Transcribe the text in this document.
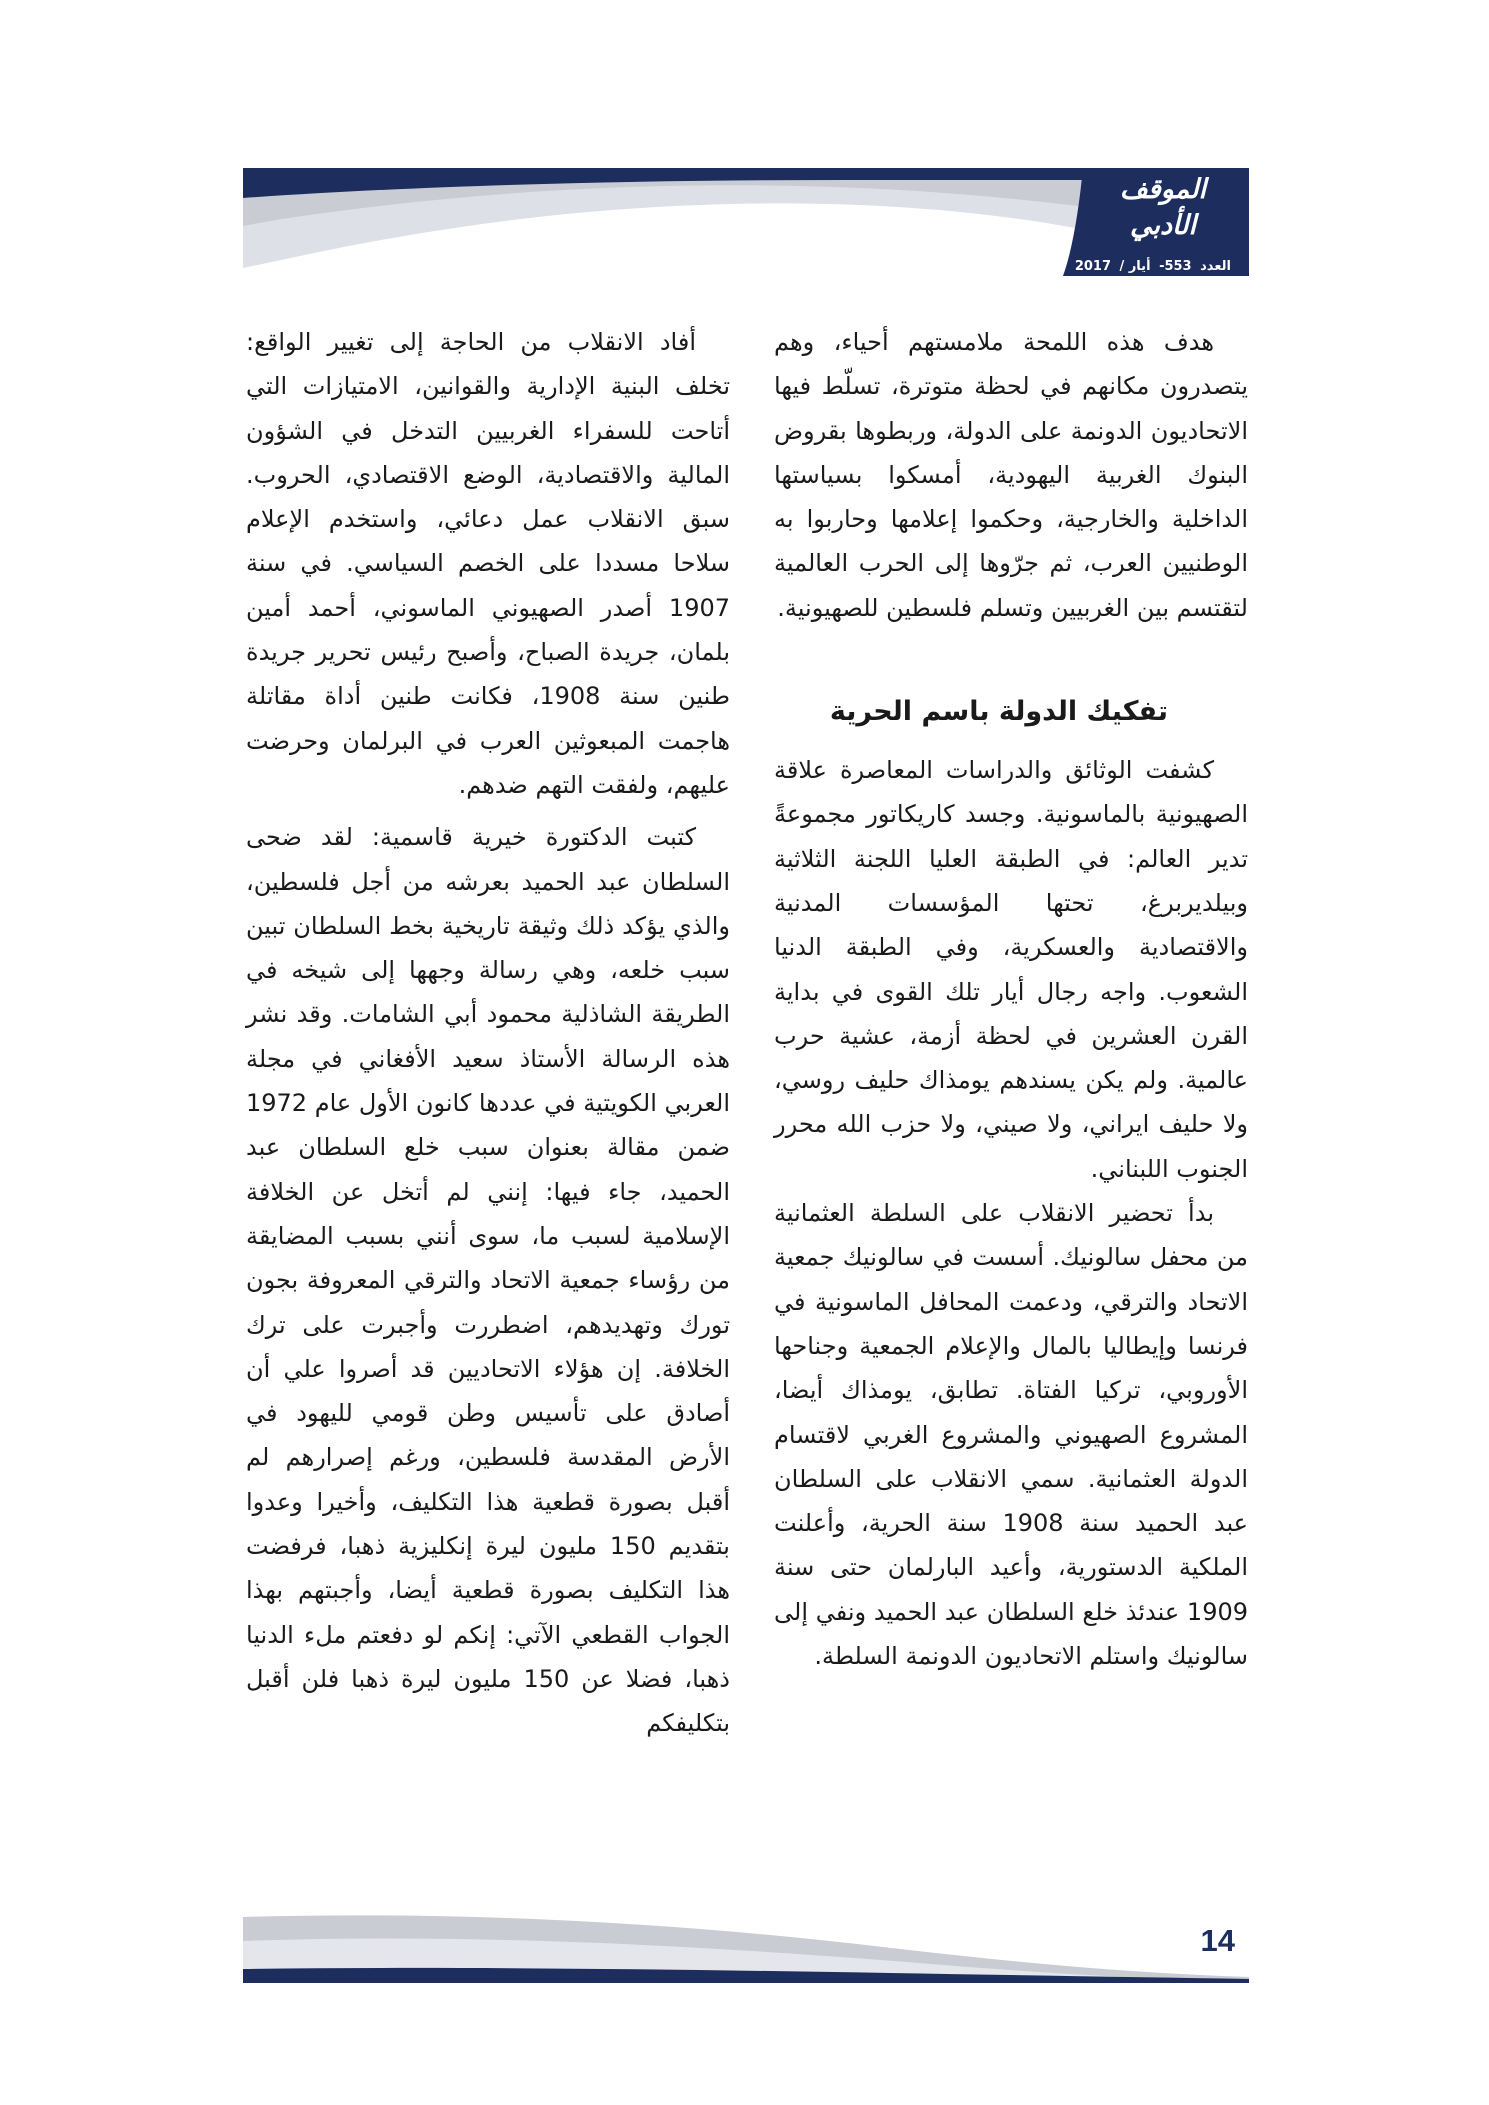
الموقف الأدبي
العدد 553- أيار / 2017

هدف هذه اللمحة ملامستهم أحياء، وهم يتصدرون مكانهم في لحظة متوترة، تسلّط فيها الاتحاديون الدونمة على الدولة، وربطوها بقروض البنوك الغربية اليهودية، أمسكوا بسياستها الداخلية والخارجية، وحكموا إعلامها وحاربوا به الوطنيين العرب، ثم جرّوها إلى الحرب العالمية لتقتسم بين الغربيين وتسلم فلسطين للصهيونية.

تفكيك الدولة باسم الحرية

كشفت الوثائق والدراسات المعاصرة علاقة الصهيونية بالماسونية. وجسد كاريكاتور مجموعةً تدير العالم: في الطبقة العليا اللجنة الثلاثية وبيلديربرغ، تحتها المؤسسات المدنية والاقتصادية والعسكرية، وفي الطبقة الدنيا الشعوب. واجه رجال أيار تلك القوى في بداية القرن العشرين في لحظة أزمة، عشية حرب عالمية. ولم يكن يسندهم يومذاك حليف روسي، ولا حليف ايراني، ولا صيني، ولا حزب الله محرر الجنوب اللبناني.

بدأ تحضير الانقلاب على السلطة العثمانية من محفل سالونيك. أسست في سالونيك جمعية الاتحاد والترقي، ودعمت المحافل الماسونية في فرنسا وإيطاليا بالمال والإعلام الجمعية وجناحها الأوروبي، تركيا الفتاة. تطابق، يومذاك أيضا، المشروع الصهيوني والمشروع الغربي لاقتسام الدولة العثمانية. سمي الانقلاب على السلطان عبد الحميد سنة 1908 سنة الحرية، وأعلنت الملكية الدستورية، وأعيد البارلمان حتى سنة 1909 عندئذ خلع السلطان عبد الحميد ونفي إلى سالونيك واستلم الاتحاديون الدونمة السلطة.

أفاد الانقلاب من الحاجة إلى تغيير الواقع: تخلف البنية الإدارية والقوانين، الامتيازات التي أتاحت للسفراء الغربيين التدخل في الشؤون المالية والاقتصادية، الوضع الاقتصادي، الحروب. سبق الانقلاب عمل دعائي، واستخدم الإعلام سلاحا مسددا على الخصم السياسي. في سنة 1907 أصدر الصهيوني الماسوني، أحمد أمين بلمان، جريدة الصباح، وأصبح رئيس تحرير جريدة طنين سنة 1908، فكانت طنين أداة مقاتلة هاجمت المبعوثين العرب في البرلمان وحرضت عليهم، ولفقت التهم ضدهم.

كتبت الدكتورة خيرية قاسمية: لقد ضحى السلطان عبد الحميد بعرشه من أجل فلسطين، والذي يؤكد ذلك وثيقة تاريخية بخط السلطان تبين سبب خلعه، وهي رسالة وجهها إلى شيخه في الطريقة الشاذلية محمود أبي الشامات. وقد نشر هذه الرسالة الأستاذ سعيد الأفغاني في مجلة العربي الكويتية في عددها كانون الأول عام 1972 ضمن مقالة بعنوان سبب خلع السلطان عبد الحميد، جاء فيها: إنني لم أتخل عن الخلافة الإسلامية لسبب ما، سوى أنني بسبب المضايقة من رؤساء جمعية الاتحاد والترقي المعروفة بجون تورك وتهديدهم، اضطررت وأجبرت على ترك الخلافة. إن هؤلاء الاتحاديين قد أصروا علي أن أصادق على تأسيس وطن قومي لليهود في الأرض المقدسة فلسطين، ورغم إصرارهم لم أقبل بصورة قطعية هذا التكليف، وأخيرا وعدوا بتقديم 150 مليون ليرة إنكليزية ذهبا، فرفضت هذا التكليف بصورة قطعية أيضا، وأجبتهم بهذا الجواب القطعي الآتي: إنكم لو دفعتم ملء الدنيا ذهبا، فضلا عن 150 مليون ليرة ذهبا فلن أقبل بتكليفكم

14
